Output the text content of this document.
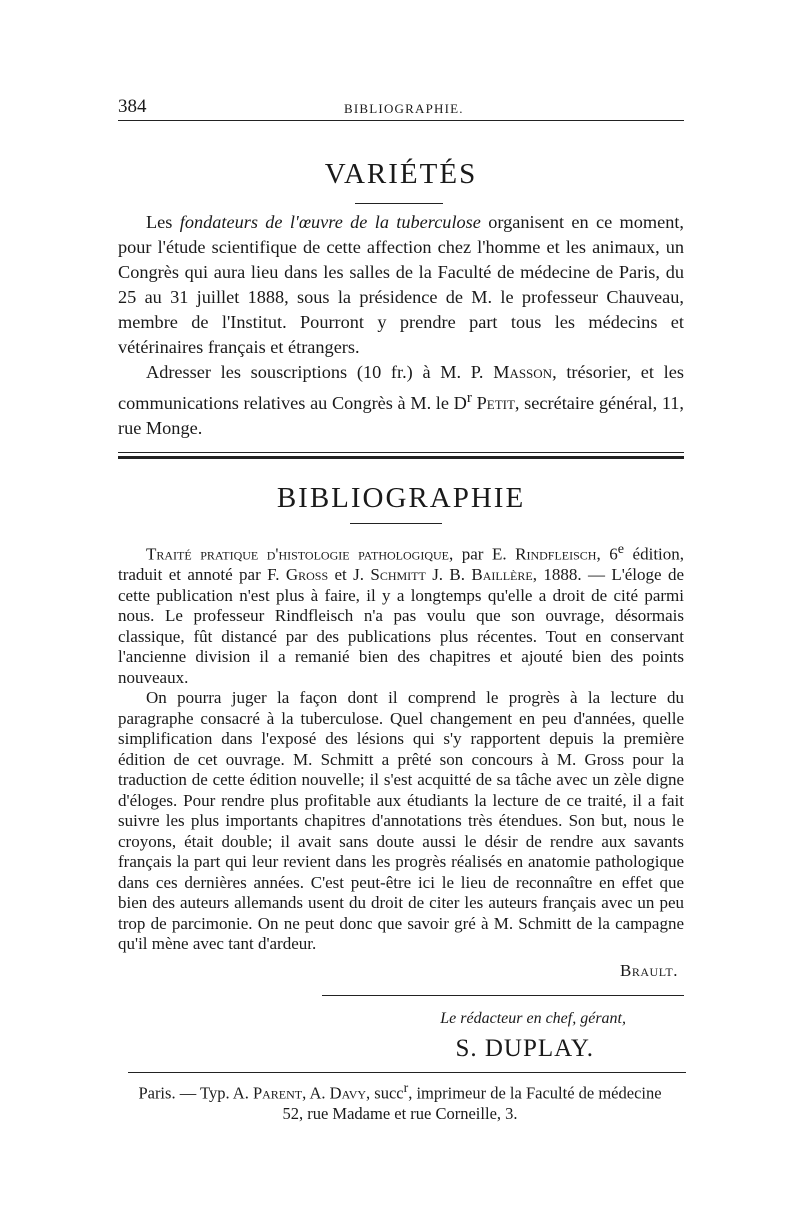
384	BIBLIOGRAPHIE.
VARIÉTÉS

Les fondateurs de l'œuvre de la tuberculose organisent en ce moment, pour l'étude scientifique de cette affection chez l'homme et les animaux, un Congrès qui aura lieu dans les salles de la Faculté de médecine de Paris, du 25 au 31 juillet 1888, sous la présidence de M. le professeur Chauveau, membre de l'Institut. Pourront y prendre part tous les médecins et vétérinaires français et étrangers.

Adresser les souscriptions (10 fr.) à M. P. Masson, trésorier, et les communications relatives au Congrès à M. le $D^r$ Petit, secrétaire général, 11, rue Monge.

BIBLIOGRAPHIE

Traité pratique d'histologie pathologique, par E. Rindfleisch, 6e édition, traduit et annoté par F. Gross et J. Schmitt J. B. Baillère, 1888. — L'éloge de cette publication n'est plus à faire, il y a longtemps qu'elle a droit de cité parmi nous. Le professeur Rindfleisch n'a pas voulu que son ouvrage, désormais classique, fût distancé par des publications plus récentes. Tout en conservant l'ancienne division il a remanié bien des chapitres et ajouté bien des points nouveaux.

On pourra juger la façon dont il comprend le progrès à la lecture du paragraphe consacré à la tuberculose. Quel changement en peu d'années, quelle simplification dans l'exposé des lésions qui s'y rapportent depuis la première édition de cet ouvrage. M. Schmitt a prêté son concours à M. Gross pour la traduction de cette édition nouvelle; il s'est acquitté de sa tâche avec un zèle digne d'éloges. Pour rendre plus profitable aux étudiants la lecture de ce traité, il a fait suivre les plus importants chapitres d'annotations très étendues. Son but, nous le croyons, était double; il avait sans doute aussi le désir de rendre aux savants français la part qui leur revient dans les progrès réalisés en anatomie pathologique dans ces dernières années. C'est peut-être ici le lieu de reconnaître en effet que bien des auteurs allemands usent du droit de citer les auteurs français avec un peu trop de parcimonie. On ne peut donc que savoir gré à M. Schmitt de la campagne qu'il mène avec tant d'ardeur.

Brault.

Le rédacteur en chef, gérant,
S. DUPLAY.
Paris. — Typ. A. Parent, A. Davy, succ$^r$, imprimeur de la Faculté de médecine
52, rue Madame et rue Corneille, 3.
